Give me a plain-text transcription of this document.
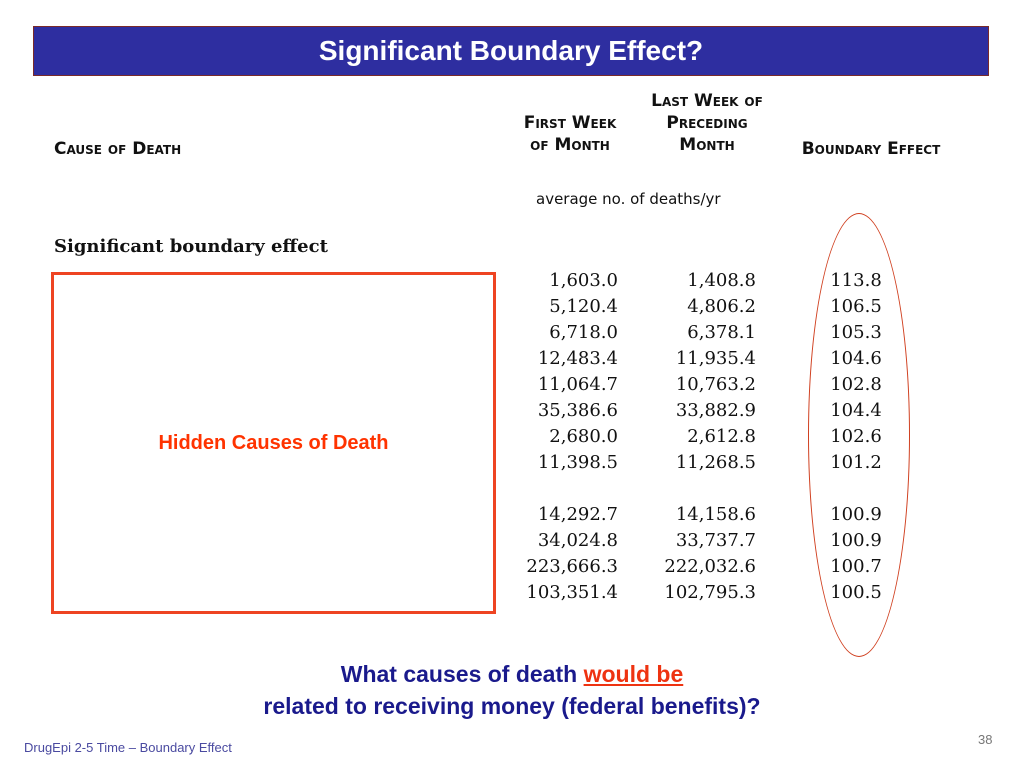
Significant Boundary Effect?
Cause of Death
First Week
of Month
Last Week of
Preceding
Month	Boundary Effect
average no. of deaths/yr
Significant boundary effect
1,603.0
5,120.4
6,718.0
12,483.4
11,064.7
35,386.6
2,680.0
11,398.5
14,292.7
34,024.8
223,666.3
103,351.4
1,408.8
4,806.2
6,378.1
11,935.4
10,763.2
33,882.9
2,612.8
11,268.5
14,158.6
33,737.7
222,032.6
102,795.3
113.8
106.5
105.3
104.6
102.8
104.4
102.6
101.2
100.9
100.9
100.7
100.5
Hidden Causes of Death
What causes of death would be
related to receiving money (federal benefits)?
DrugEpi 2-5 Time – Boundary Effect
38
